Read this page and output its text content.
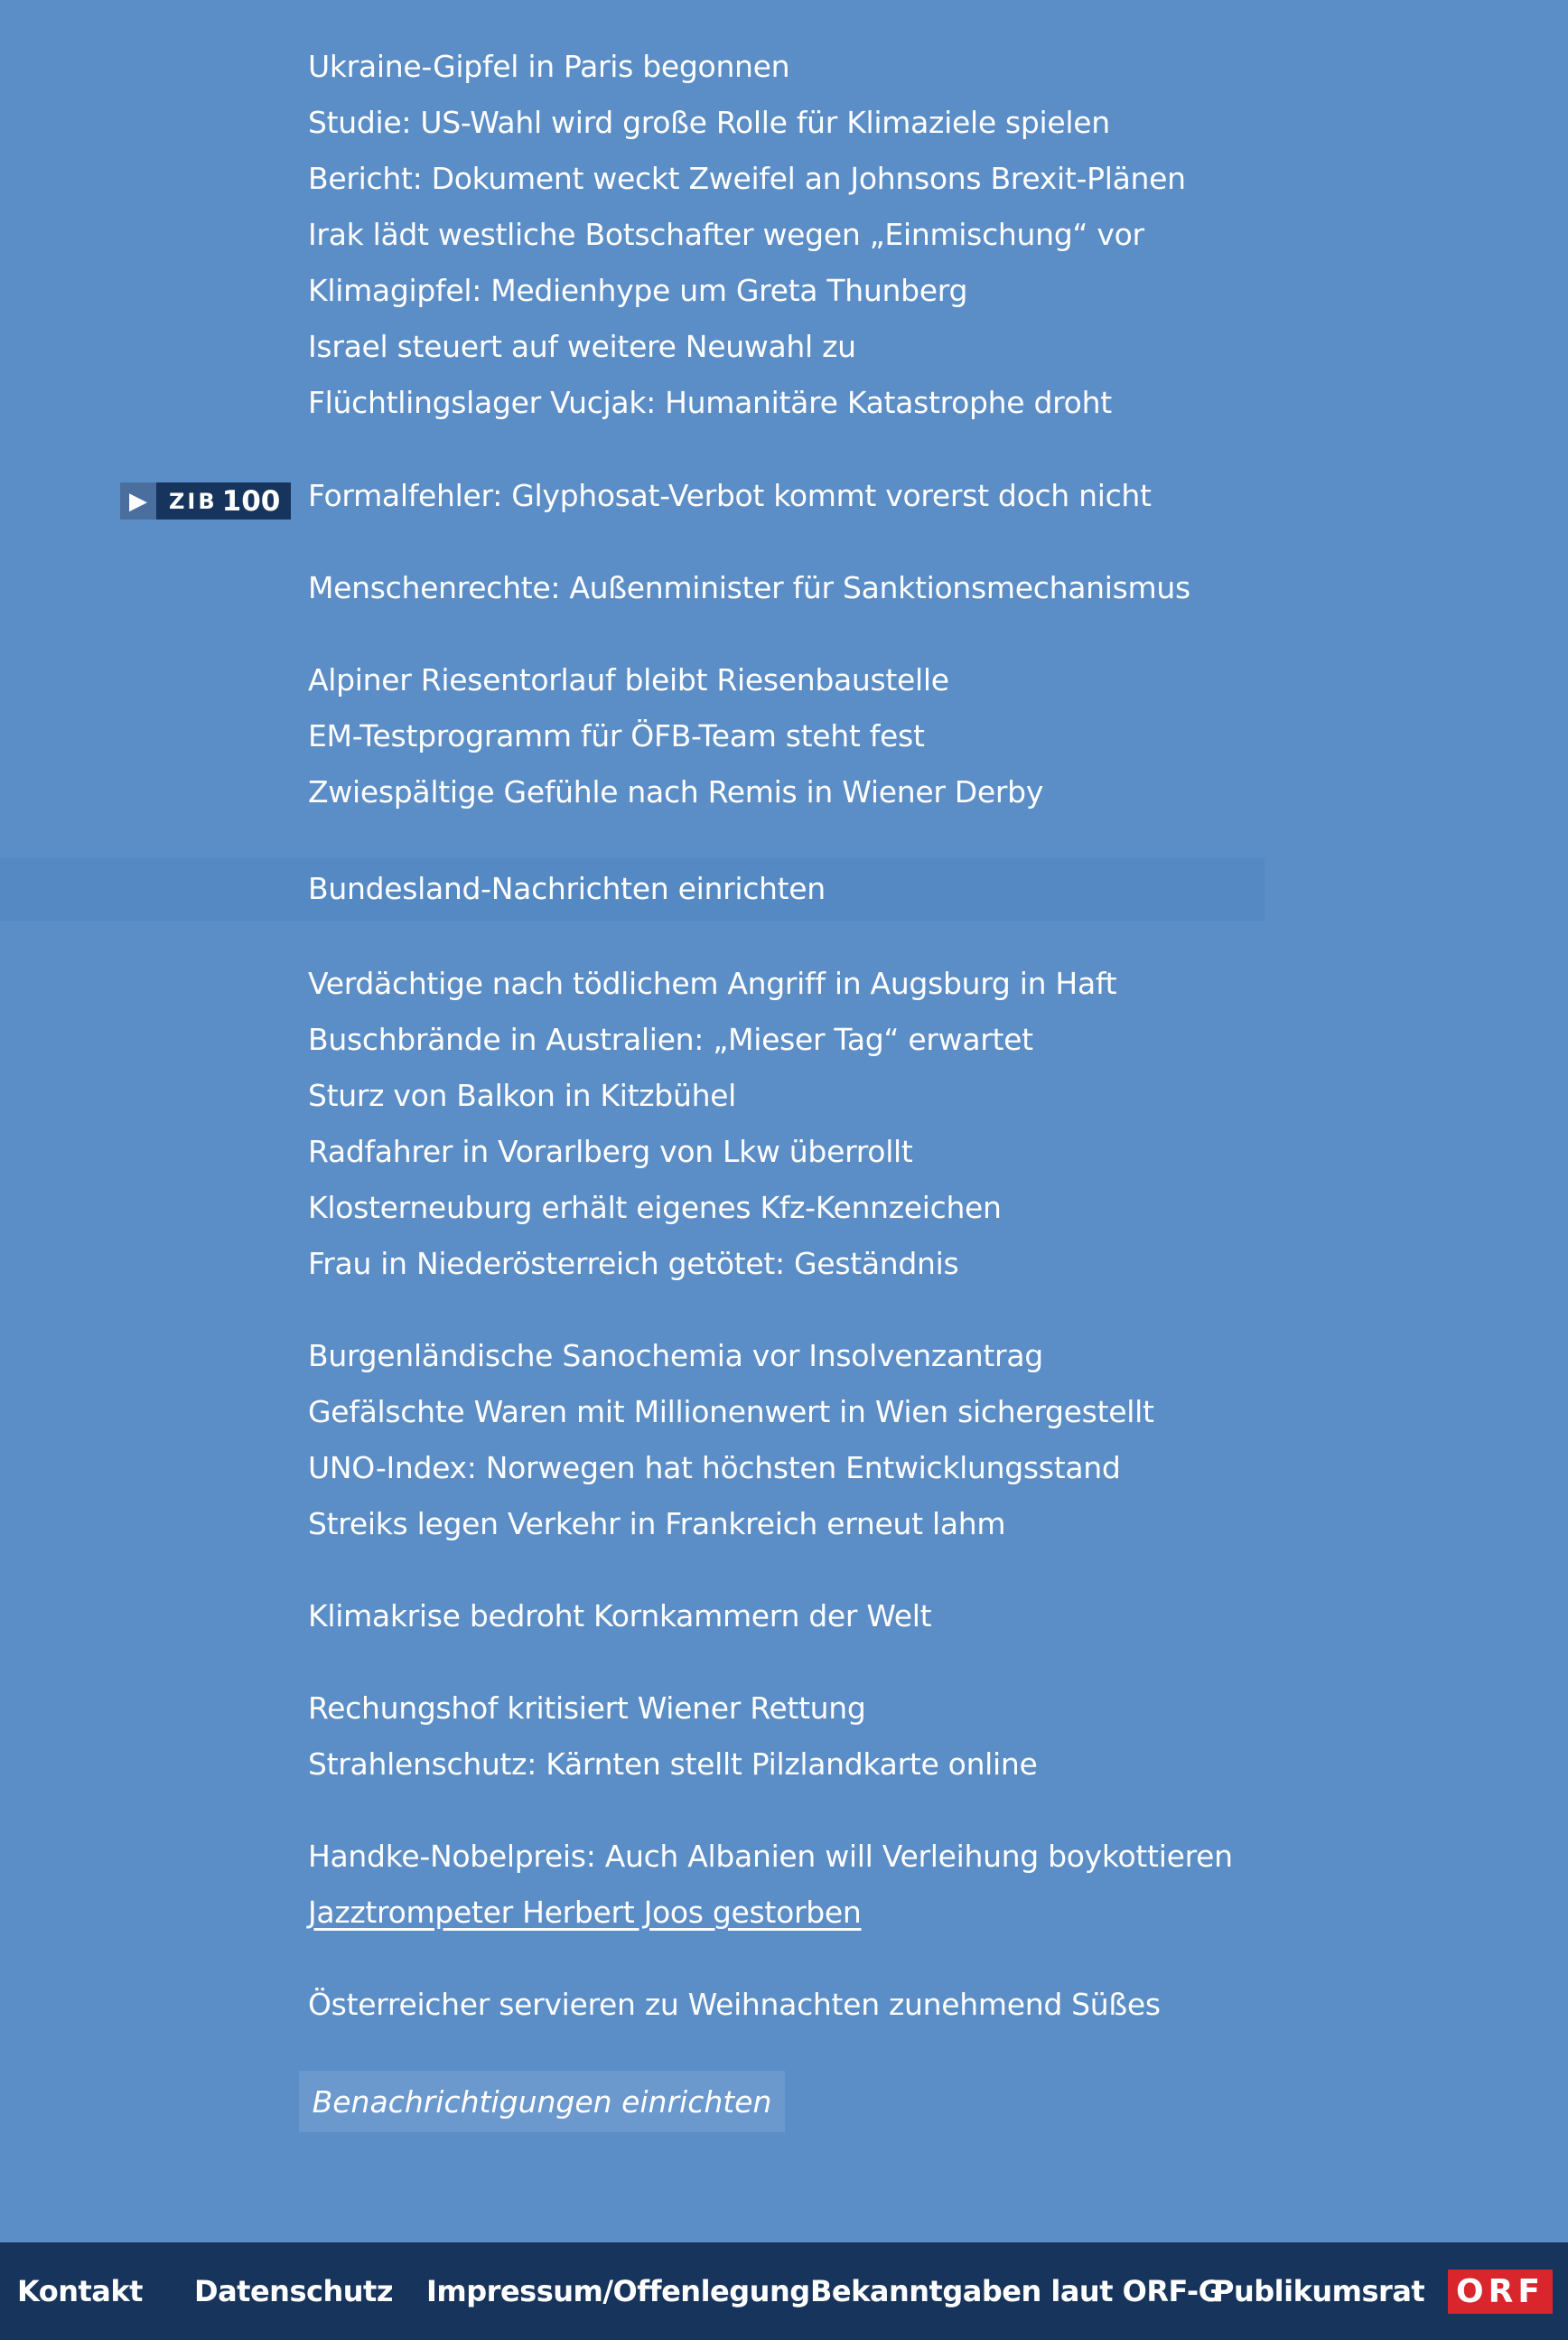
Ukraine-Gipfel in Paris begonnen
Studie: US-Wahl wird große Rolle für Klimaziele spielen
Bericht: Dokument weckt Zweifel an Johnsons Brexit-Plänen
Irak lädt westliche Botschafter wegen „Einmischung“ vor
Klimagipfel: Medienhype um Greta Thunberg
Israel steuert auf weitere Neuwahl zu
Flüchtlingslager Vucjak: Humanitäre Katastrophe droht
▶	ZIB 100 Formalfehler: Glyphosat-Verbot kommt vorerst doch nicht
Menschenrechte: Außenminister für Sanktionsmechanismus
Alpiner Riesentorlauf bleibt Riesenbaustelle
EM-Testprogramm für ÖFB-Team steht fest
Zwiespältige Gefühle nach Remis in Wiener Derby
Bundesland-Nachrichten einrichten
Verdächtige nach tödlichem Angriff in Augsburg in Haft
Buschbrände in Australien: „Mieser Tag“ erwartet
Sturz von Balkon in Kitzbühel
Radfahrer in Vorarlberg von Lkw überrollt
Klosterneuburg erhält eigenes Kfz-Kennzeichen
Frau in Niederösterreich getötet: Geständnis
Burgenländische Sanochemia vor Insolvenzantrag
Gefälschte Waren mit Millionenwert in Wien sichergestellt
UNO-Index: Norwegen hat höchsten Entwicklungsstand
Streiks legen Verkehr in Frankreich erneut lahm
Klimakrise bedroht Kornkammern der Welt
Rechungshof kritisiert Wiener Rettung
Strahlenschutz: Kärnten stellt Pilzlandkarte online
Handke-Nobelpreis: Auch Albanien will Verleihung boykottieren
Jazztrompeter Herbert Joos gestorben
Österreicher servieren zu Weihnachten zunehmend Süßes
Benachrichtigungen einrichten
Kontakt Datenschutz Impressum/Offenlegung Bekanntgaben laut ORF-G
Publikumsrat ORF
